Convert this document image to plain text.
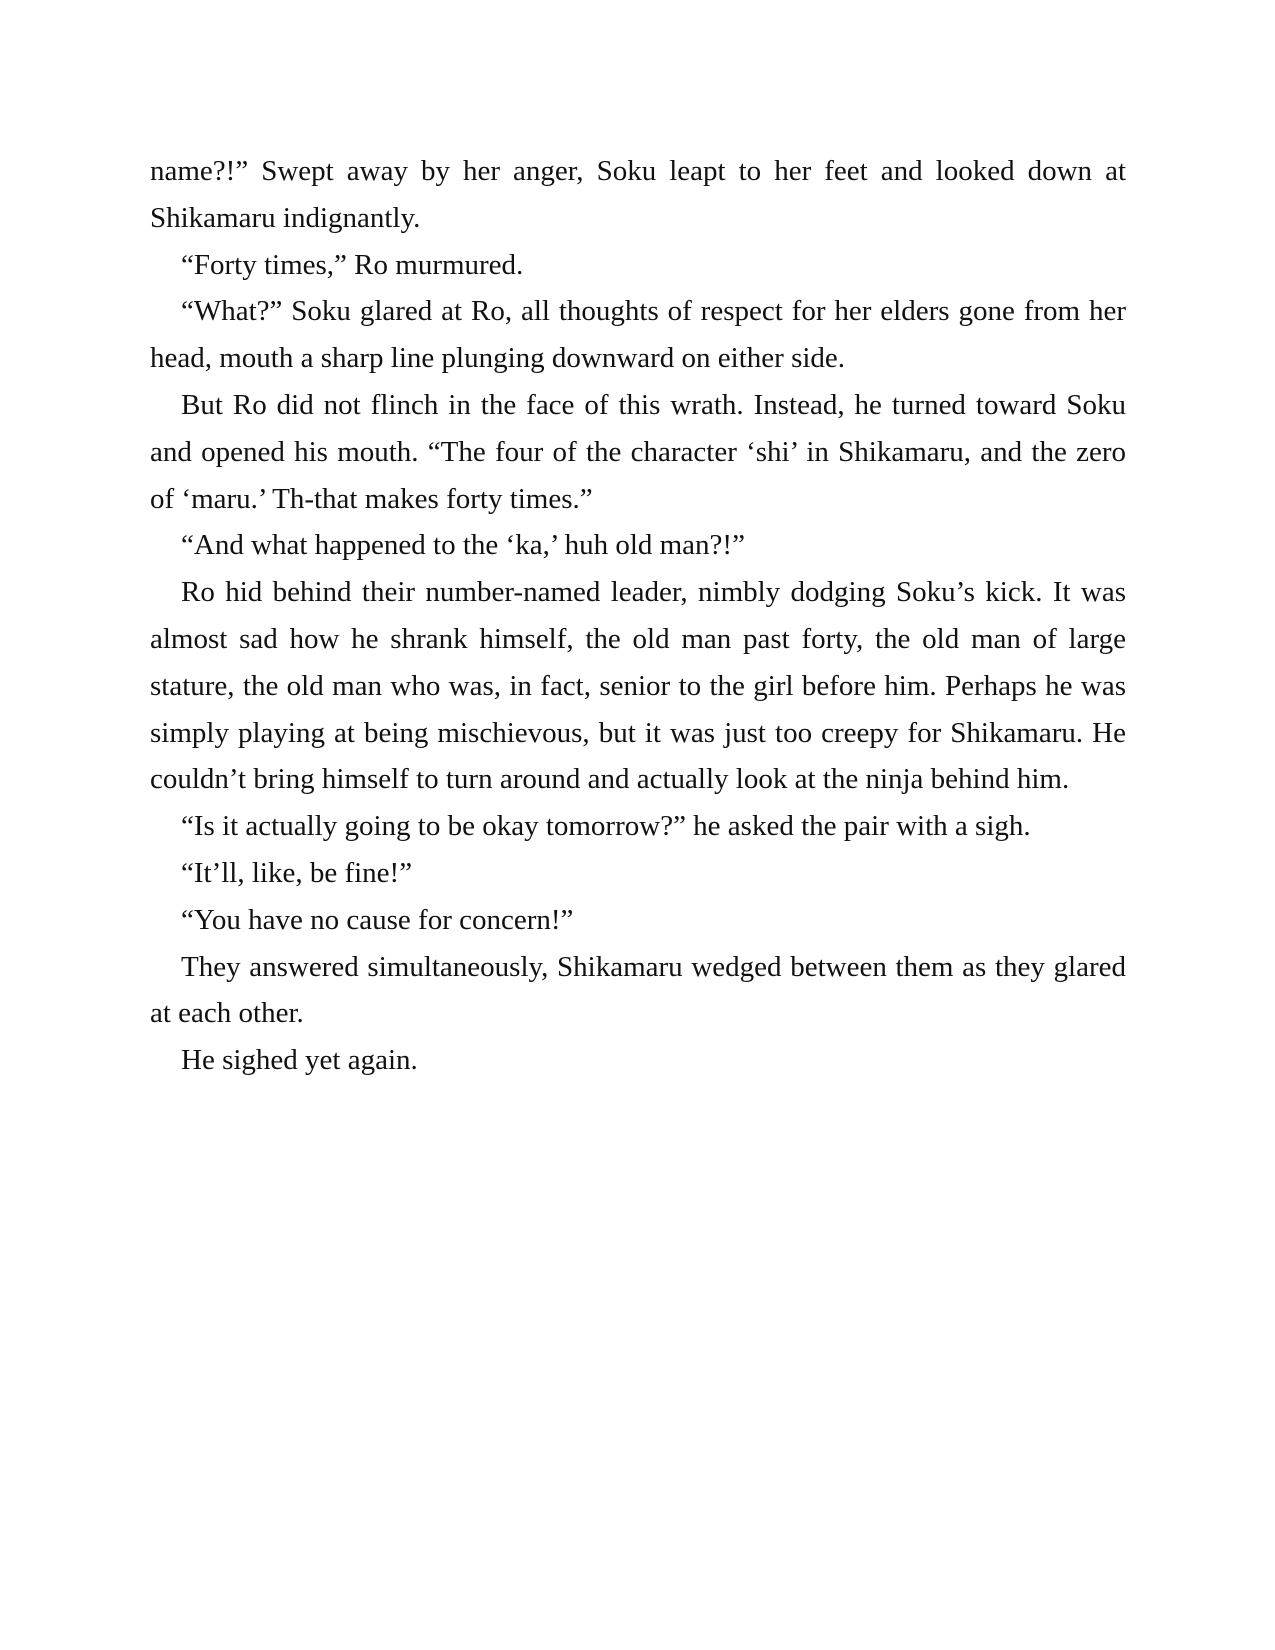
name?!” Swept away by her anger, Soku leapt to her feet and looked down at Shikamaru indignantly.

“Forty times,” Ro murmured.

“What?” Soku glared at Ro, all thoughts of respect for her elders gone from her head, mouth a sharp line plunging downward on either side.

But Ro did not flinch in the face of this wrath. Instead, he turned toward Soku and opened his mouth. “The four of the character ‘shi’ in Shikamaru, and the zero of ‘maru.’ Th-that makes forty times.”

“And what happened to the ‘ka,’ huh old man?!”

Ro hid behind their number-named leader, nimbly dodging Soku’s kick. It was almost sad how he shrank himself, the old man past forty, the old man of large stature, the old man who was, in fact, senior to the girl before him. Perhaps he was simply playing at being mischievous, but it was just too creepy for Shikamaru. He couldn’t bring himself to turn around and actually look at the ninja behind him.

“Is it actually going to be okay tomorrow?” he asked the pair with a sigh.

“It’ll, like, be fine!”

“You have no cause for concern!”

They answered simultaneously, Shikamaru wedged between them as they glared at each other.

He sighed yet again.
